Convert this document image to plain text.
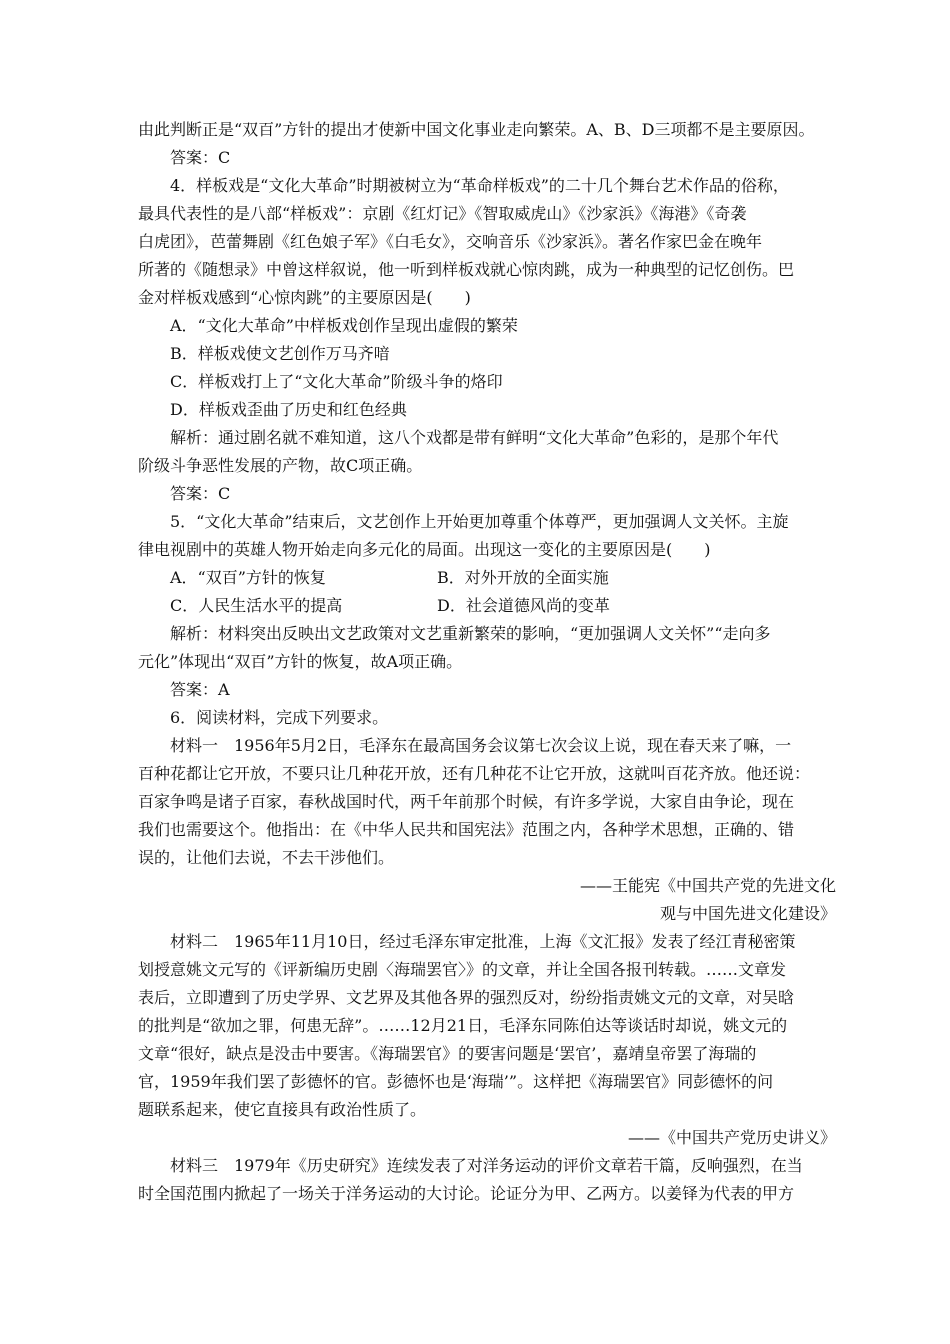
由此判断正是“双百”方针的提出才使新中国文化事业走向繁荣。A、B、D三项都不是主要原因。
答案：C
4．样板戏是“文化大革命”时期被树立为“革命样板戏”的二十几个舞台艺术作品的俗称，
最具代表性的是八部“样板戏”：京剧《红灯记》《智取威虎山》《沙家浜》《海港》《奇袭
白虎团》，芭蕾舞剧《红色娘子军》《白毛女》，交响音乐《沙家浜》。著名作家巴金在晚年
所著的《随想录》中曾这样叙说，他一听到样板戏就心惊肉跳，成为一种典型的记忆创伤。巴
金对样板戏感到“心惊肉跳”的主要原因是(　　)
A．“文化大革命”中样板戏创作呈现出虚假的繁荣
B．样板戏使文艺创作万马齐喑
C．样板戏打上了“文化大革命”阶级斗争的烙印
D．样板戏歪曲了历史和红色经典
解析：通过剧名就不难知道，这八个戏都是带有鲜明“文化大革命”色彩的，是那个年代
阶级斗争恶性发展的产物，故C项正确。
答案：C
5．“文化大革命”结束后，文艺创作上开始更加尊重个体尊严，更加强调人文关怀。主旋
律电视剧中的英雄人物开始走向多元化的局面。出现这一变化的主要原因是(　　)
A．“双百”方针的恢复	B．对外开放的全面实施
C．人民生活水平的提高	D．社会道德风尚的变革
解析：材料突出反映出文艺政策对文艺重新繁荣的影响，“更加强调人文关怀”“走向多
元化”体现出“双百”方针的恢复，故A项正确。
答案：A
6．阅读材料，完成下列要求。
材料一　1956年5月2日，毛泽东在最高国务会议第七次会议上说，现在春天来了嘛，一
百种花都让它开放，不要只让几种花开放，还有几种花不让它开放，这就叫百花齐放。他还说：
百家争鸣是诸子百家，春秋战国时代，两千年前那个时候，有许多学说，大家自由争论，现在
我们也需要这个。他指出：在《中华人民共和国宪法》范围之内，各种学术思想，正确的、错
误的，让他们去说，不去干涉他们。
——王能宪《中国共产党的先进文化
观与中国先进文化建设》
材料二　1965年11月10日，经过毛泽东审定批准，上海《文汇报》发表了经江青秘密策
划授意姚文元写的《评新编历史剧〈海瑞罢官〉》的文章，并让全国各报刊转载。……文章发
表后，立即遭到了历史学界、文艺界及其他各界的强烈反对，纷纷指责姚文元的文章，对吴晗
的批判是“欲加之罪，何患无辞”。……12月21日，毛泽东同陈伯达等谈话时却说，姚文元的
文章“很好，缺点是没击中要害。《海瑞罢官》的要害问题是‘罢官’，嘉靖皇帝罢了海瑞的
官，1959年我们罢了彭德怀的官。彭德怀也是‘海瑞’”。这样把《海瑞罢官》同彭德怀的问
题联系起来，使它直接具有政治性质了。
——《中国共产党历史讲义》
材料三　1979年《历史研究》连续发表了对洋务运动的评价文章若干篇，反响强烈，在当
时全国范围内掀起了一场关于洋务运动的大讨论。论证分为甲、乙两方。以姜铎为代表的甲方
